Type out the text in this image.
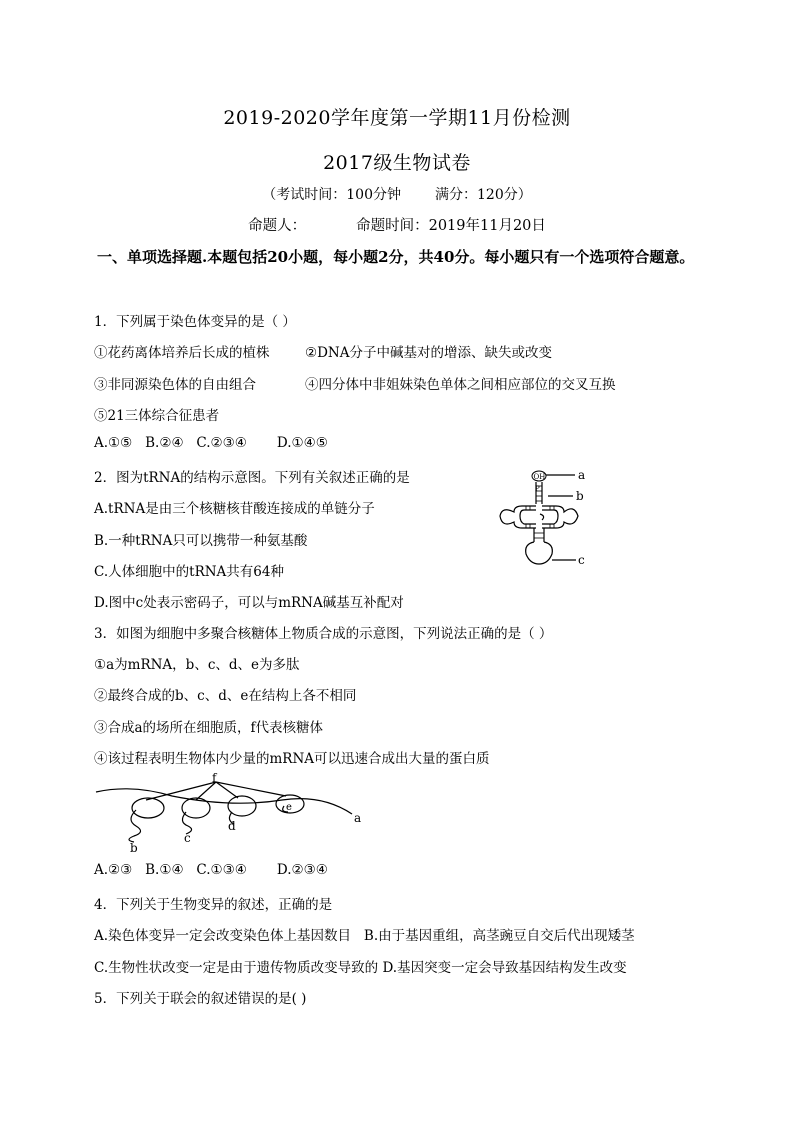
2019-2020学年度第一学期11月份检测
2017级生物试卷
（考试时间：100分钟 满分：120分）
命题人：	命题时间：2019年11月20日
一、单项选择题.本题包括20小题，每小题2分，共40分。每小题只有一个选项符合题意。
1．下列属于染色体变异的是（ ）
①花药离体培养后长成的植株	②DNA分子中碱基对的增添、缺失或改变
③非同源染色体的自由组合	④四分体中非姐妹染色单体之间相应部位的交叉互换
⑤21三体综合征患者
A.①⑤ B.②④ C.②③④ D.①④⑤
2．图为tRNA的结构示意图。下列有关叙述正确的是
A.tRNA是由三个核糖核苷酸连接成的单链分子
B.一种tRNA只可以携带一种氨基酸
C.人体细胞中的tRNA共有64种
D.图中c处表示密码子，可以与mRNA碱基互补配对
OH
P
a
b
c
3．如图为细胞中多聚合核糖体上物质合成的示意图，下列说法正确的是（ ）
①a为mRNA，b、c、d、e为多肽
②最终合成的b、c、d、e在结构上各不相同
③合成a的场所在细胞质，f代表核糖体
④该过程表明生物体内少量的mRNA可以迅速合成出大量的蛋白质
f
a
b
c
d
e
A.②③ B.①④ C.①③④ D.②③④
4．下列关于生物变异的叙述，正确的是
A.染色体变异一定会改变染色体上基因数目 B.由于基因重组，高茎豌豆自交后代出现矮茎
C.生物性状改变一定是由于遗传物质改变导致的 D.基因突变一定会导致基因结构发生改变
5．下列关于联会的叙述错误的是( )
